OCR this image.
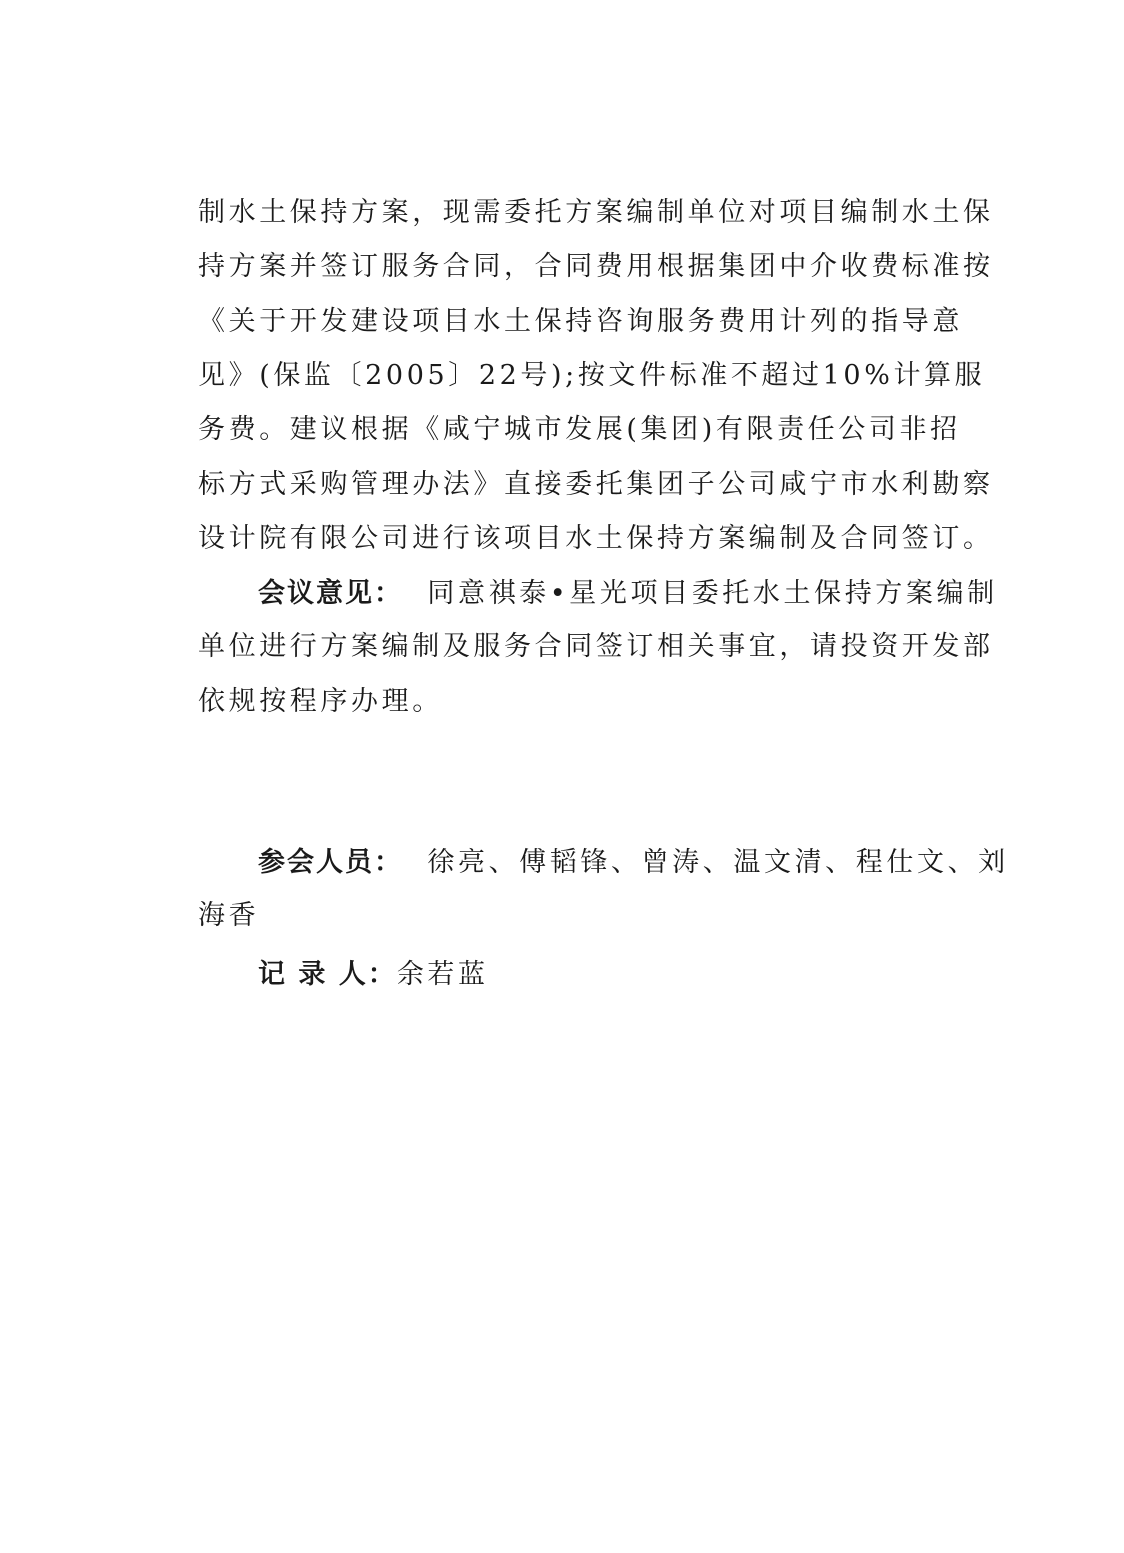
制水土保持方案，现需委托方案编制单位对项目编制水土保
持方案并签订服务合同，合同费用根据集团中介收费标准按
《关于开发建设项目水土保持咨询服务费用计列的指导意
见》(保监〔2005〕22号);按文件标准不超过10%计算服
务费。建议根据《咸宁城市发展(集团)有限责任公司非招
标方式采购管理办法》直接委托集团子公司咸宁市水利勘察
设计院有限公司进行该项目水土保持方案编制及合同签订。
会议意见：  同意祺泰•星光项目委托水土保持方案编制
单位进行方案编制及服务合同签订相关事宜，请投资开发部
依规按程序办理。
参会人员：  徐亮、傅韬锋、曾涛、温文清、程仕文、刘
海香
记 录 人：余若蓝
